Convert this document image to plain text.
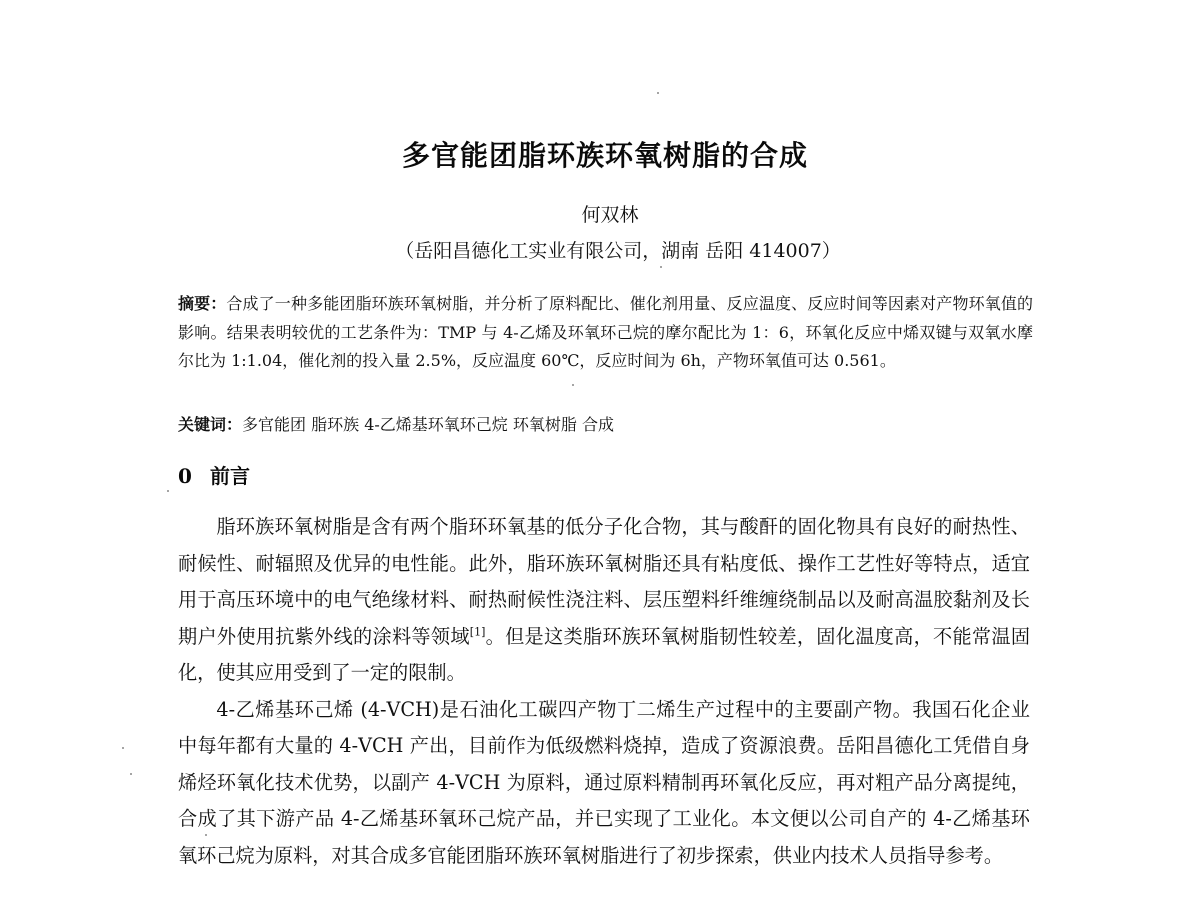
多官能团脂环族环氧树脂的合成
何双林
（岳阳昌德化工实业有限公司，湖南 岳阳 414007）
摘要：合成了一种多能团脂环族环氧树脂，并分析了原料配比、催化剂用量、反应温度、反应时间等因素对产物环氧值的影响。结果表明较优的工艺条件为：TMP 与 4-乙烯及环氧环己烷的摩尔配比为 1：6，环氧化反应中烯双键与双氧水摩尔比为 1:1.04，催化剂的投入量 2.5%，反应温度 60℃，反应时间为 6h，产物环氧值可达 0.561。
关键词：多官能团 脂环族 4-乙烯基环氧环己烷 环氧树脂 合成
0 前言

脂环族环氧树脂是含有两个脂环环氧基的低分子化合物，其与酸酐的固化物具有良好的耐热性、耐候性、耐辐照及优异的电性能。此外，脂环族环氧树脂还具有粘度低、操作工艺性好等特点，适宜用于高压环境中的电气绝缘材料、耐热耐候性浇注料、层压塑料纤维缠绕制品以及耐高温胶黏剂及长期户外使用抗紫外线的涂料等领域[1]。但是这类脂环族环氧树脂韧性较差，固化温度高，不能常温固化，使其应用受到了一定的限制。

4-乙烯基环己烯 (4-VCH)是石油化工碳四产物丁二烯生产过程中的主要副产物。我国石化企业中每年都有大量的 4-VCH 产出，目前作为低级燃料烧掉，造成了资源浪费。岳阳昌德化工凭借自身烯烃环氧化技术优势，以副产 4-VCH 为原料，通过原料精制再环氧化反应，再对粗产品分离提纯，合成了其下游产品 4-乙烯基环氧环己烷产品，并已实现了工业化。本文便以公司自产的 4-乙烯基环氧环己烷为原料，对其合成多官能团脂环族环氧树脂进行了初步探索，供业内技术人员指导参考。
